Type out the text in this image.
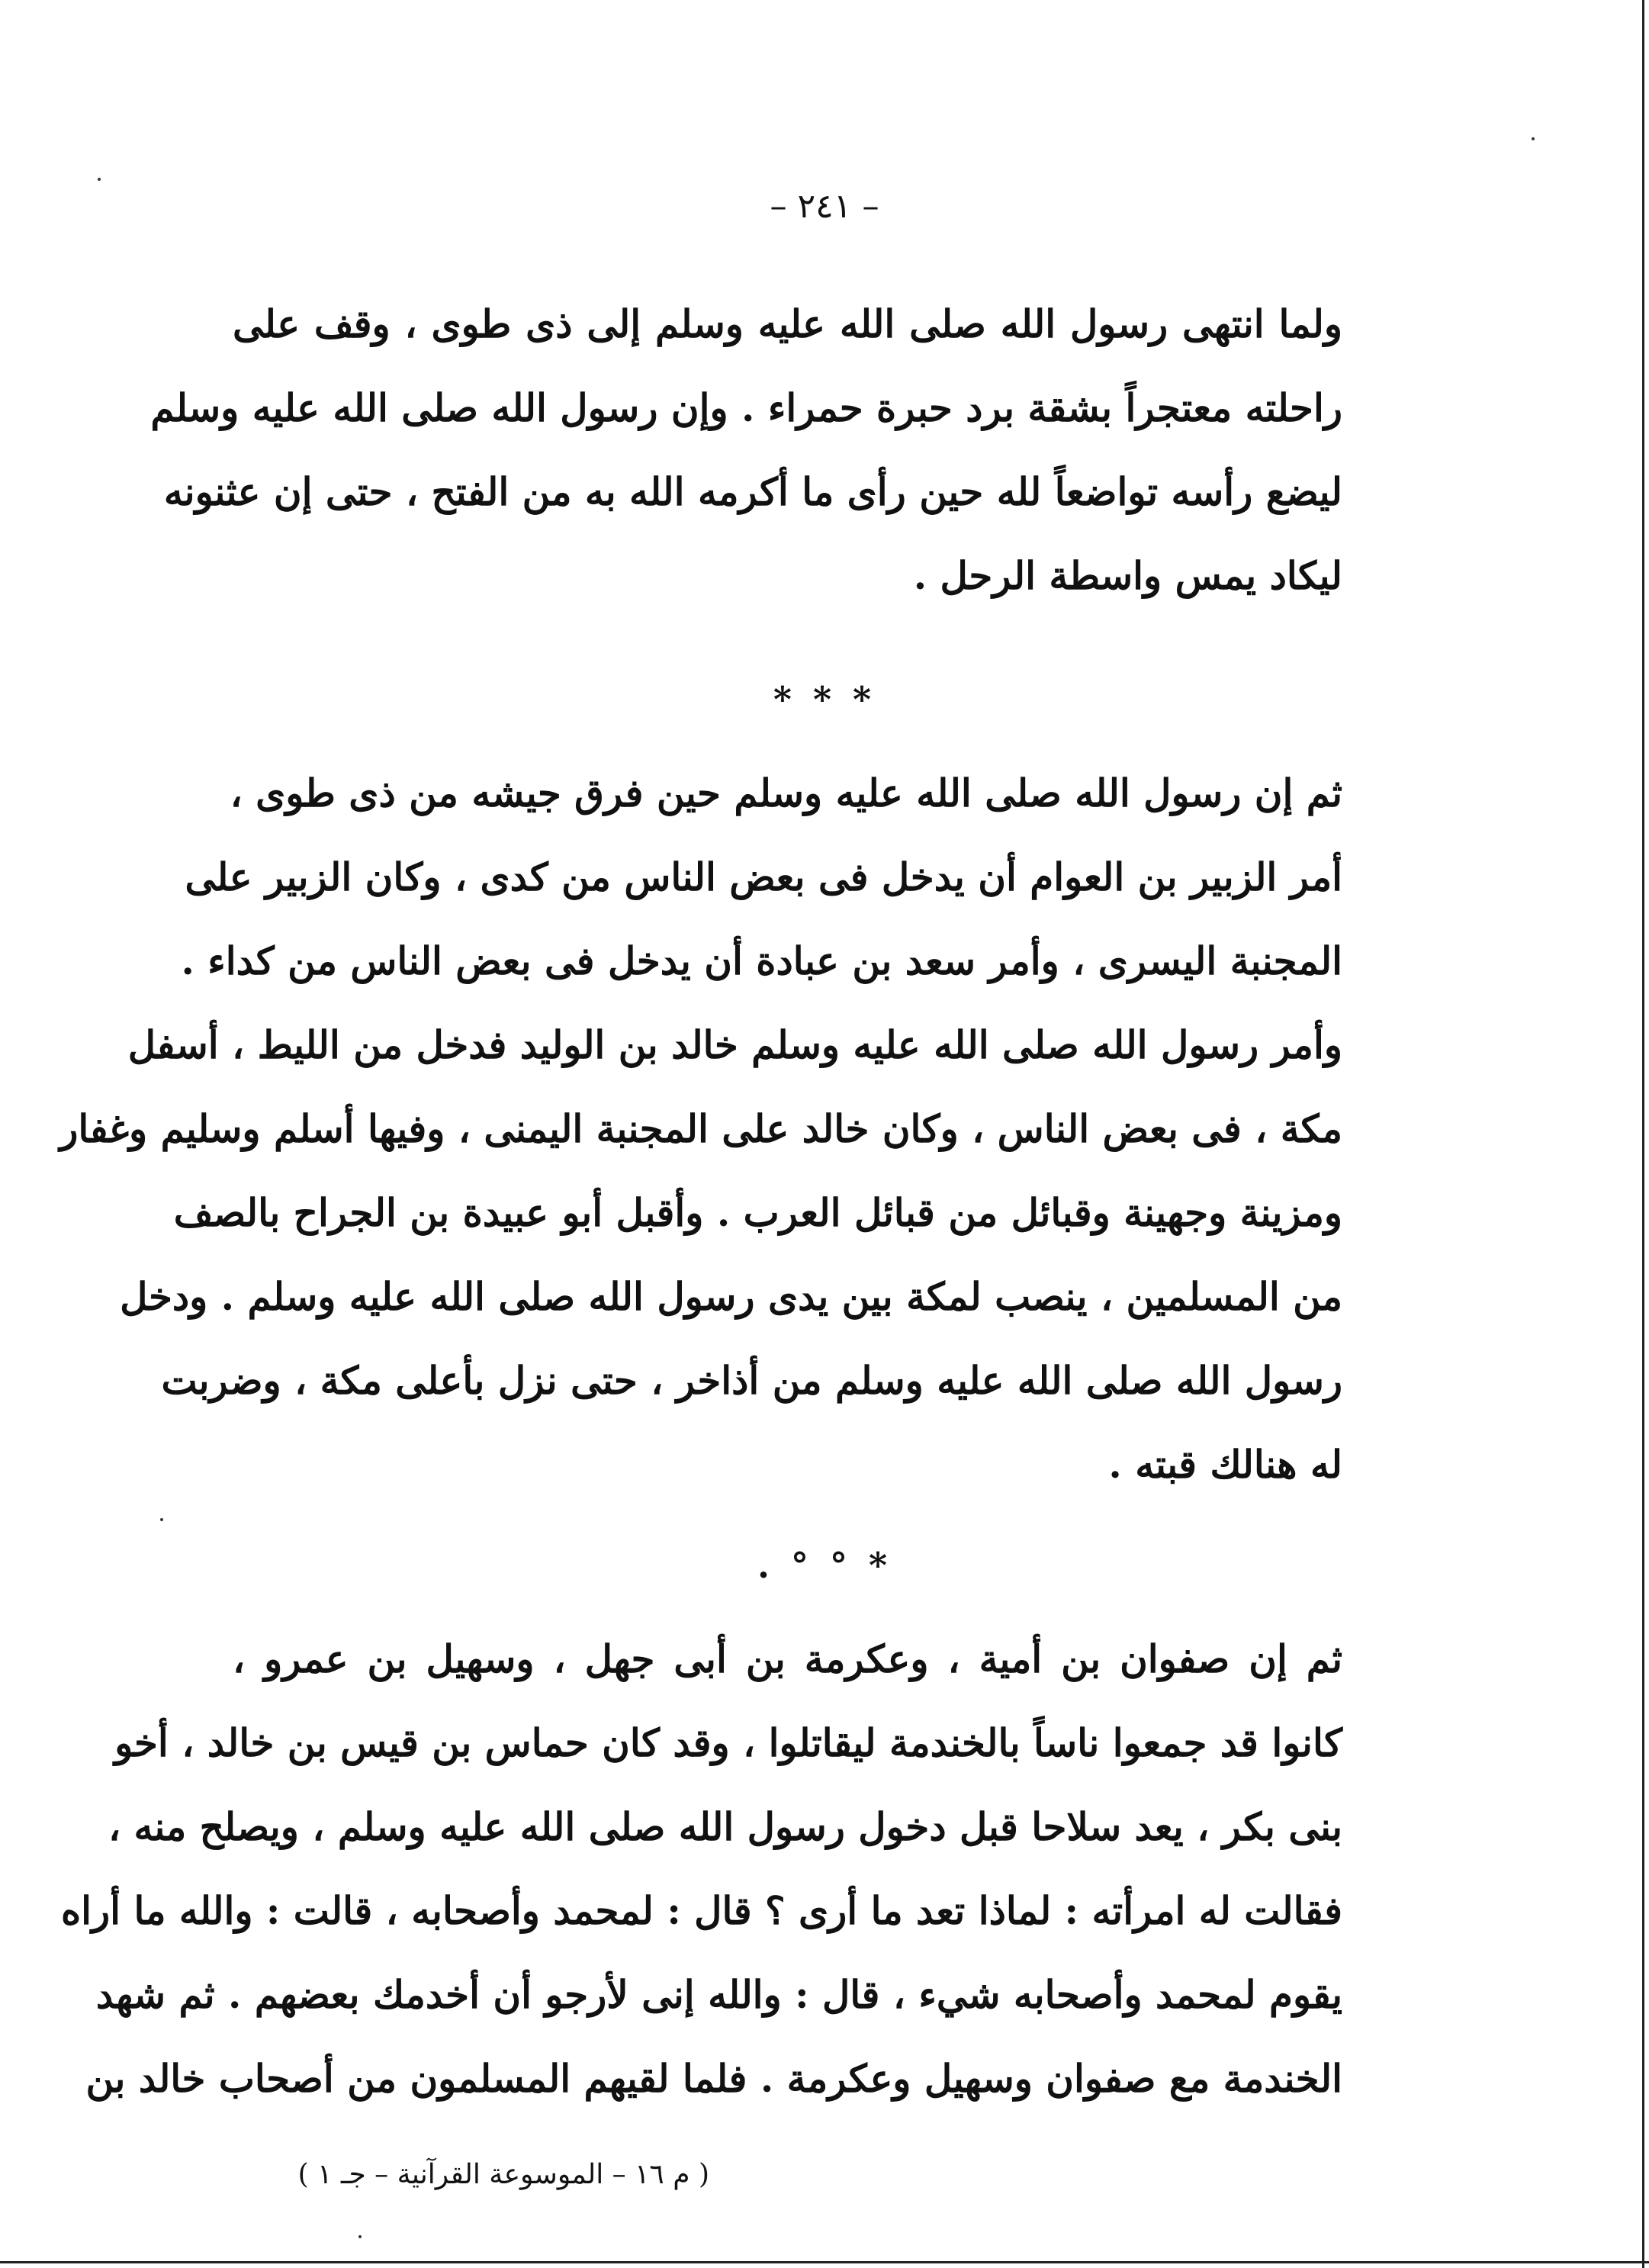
– ٢٤١ –
ولما انتهى رسول الله صلى الله عليه وسلم إلى ذى طوى ، وقف على
راحلته معتجراً بشقة برد حبرة حمراء . وإن رسول الله صلى الله عليه وسلم
ليضع رأسه تواضعاً لله حين رأى ما أكرمه الله به من الفتح ، حتى إن عثنونه
ليكاد يمس واسطة الرحل .
* * *
ثم إن رسول الله صلى الله عليه وسلم حين فرق جيشه من ذى طوى ،
أمر الزبير بن العوام أن يدخل فى بعض الناس من كدى ، وكان الزبير على
المجنبة اليسرى ، وأمر سعد بن عبادة أن يدخل فى بعض الناس من كداء .
وأمر رسول الله صلى الله عليه وسلم خالد بن الوليد فدخل من الليط ، أسفل
مكة ، فى بعض الناس ، وكان خالد على المجنبة اليمنى ، وفيها أسلم وسليم وغفار
ومزينة وجهينة وقبائل من قبائل العرب . وأقبل أبو عبيدة بن الجراح بالصف
من المسلمين ، ينصب لمكة بين يدى رسول الله صلى الله عليه وسلم . ودخل
رسول الله صلى الله عليه وسلم من أذاخر ، حتى نزل بأعلى مكة ، وضربت
له هنالك قبته .
. ° ° *
ثم إن صفوان بن أمية ، وعكرمة بن أبى جهل ، وسهيل بن عمرو ،
كانوا قد جمعوا ناساً بالخندمة ليقاتلوا ، وقد كان حماس بن قيس بن خالد ، أخو
بنى بكر ، يعد سلاحا قبل دخول رسول الله صلى الله عليه وسلم ، ويصلح منه ،
فقالت له امرأته : لماذا تعد ما أرى ؟ قال : لمحمد وأصحابه ، قالت : والله ما أراه
يقوم لمحمد وأصحابه شيء ، قال : والله إنى لأرجو أن أخدمك بعضهم . ثم شهد
الخندمة مع صفوان وسهيل وعكرمة . فلما لقيهم المسلمون من أصحاب خالد بن
( م ١٦ – الموسوعة القرآنية – جـ ١ )
